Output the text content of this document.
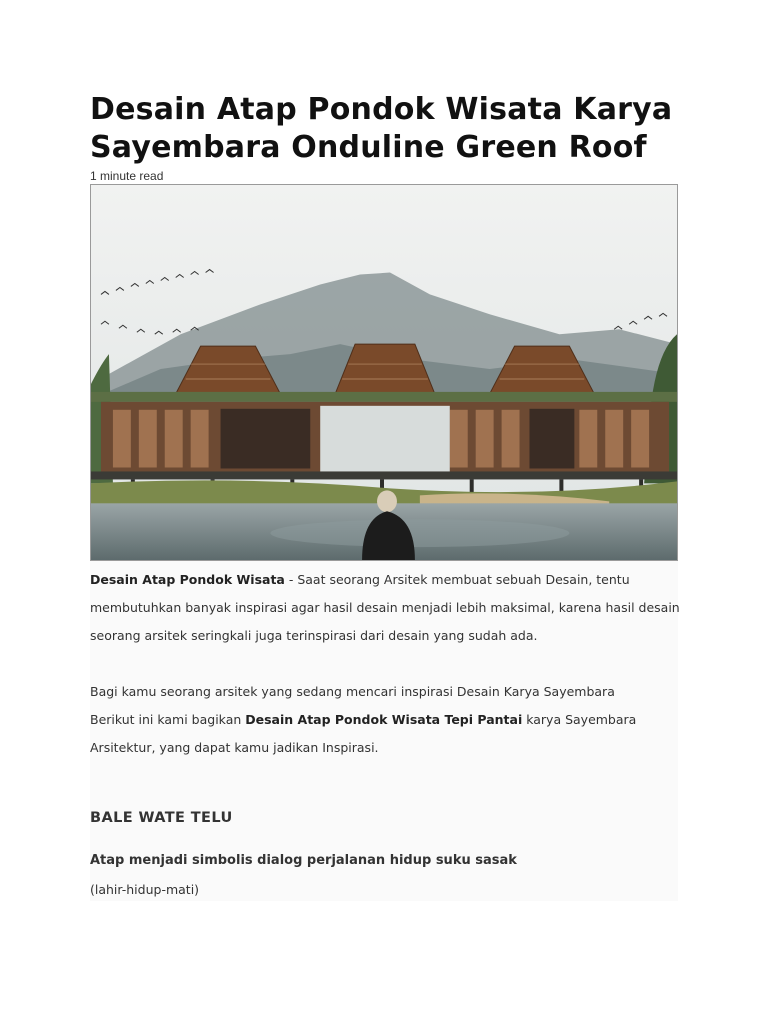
Desain Atap Pondok Wisata Karya Sayembara Onduline Green Roof
1 minute read

Desain Atap Pondok Wisata - Saat seorang Arsitek membuat sebuah Desain, tentu membutuhkan banyak inspirasi agar hasil desain menjadi lebih maksimal, karena hasil desain seorang arsitek seringkali juga terinspirasi dari desain yang sudah ada.

Bagi kamu seorang arsitek yang sedang mencari inspirasi Desain Karya Sayembara
Berikut ini kami bagikan Desain Atap Pondok Wisata Tepi Pantai karya Sayembara Arsitektur, yang dapat kamu jadikan Inspirasi.

BALE WATE TELU
Atap menjadi simbolis dialog perjalanan hidup suku sasak

(lahir-hidup-mati)
